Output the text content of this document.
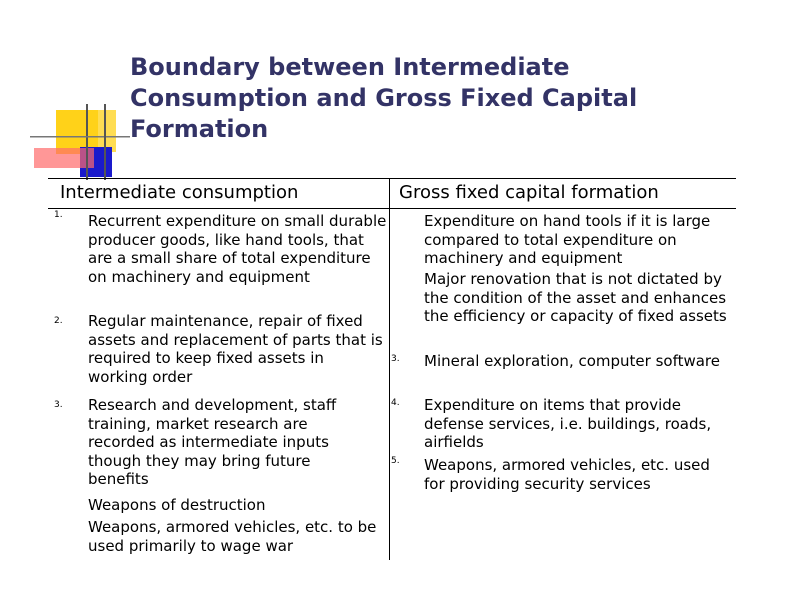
Boundary between Intermediate Consumption and Gross Fixed Capital Formation
Intermediate consumption	Gross fixed capital formation
1. Recurrent expenditure on small durable producer goods, like hand tools, that are a small share of total expenditure on machinery and equipment
2. Regular maintenance, repair of fixed assets and replacement of parts that is required to keep fixed assets in working order
3. Research and development, staff training, market research are recorded as intermediate inputs though they may bring future benefits
Weapons of destruction
Weapons, armored vehicles, etc. to be used primarily to wage war
Expenditure on hand tools if it is large compared to total expenditure on machinery and equipment
Major renovation that is not dictated by the condition of the asset and enhances the efficiency or capacity of fixed assets
3. Mineral exploration, computer software
4. Expenditure on items that provide defense services, i.e. buildings, roads, airfields
5. Weapons, armored vehicles, etc. used for providing security services
